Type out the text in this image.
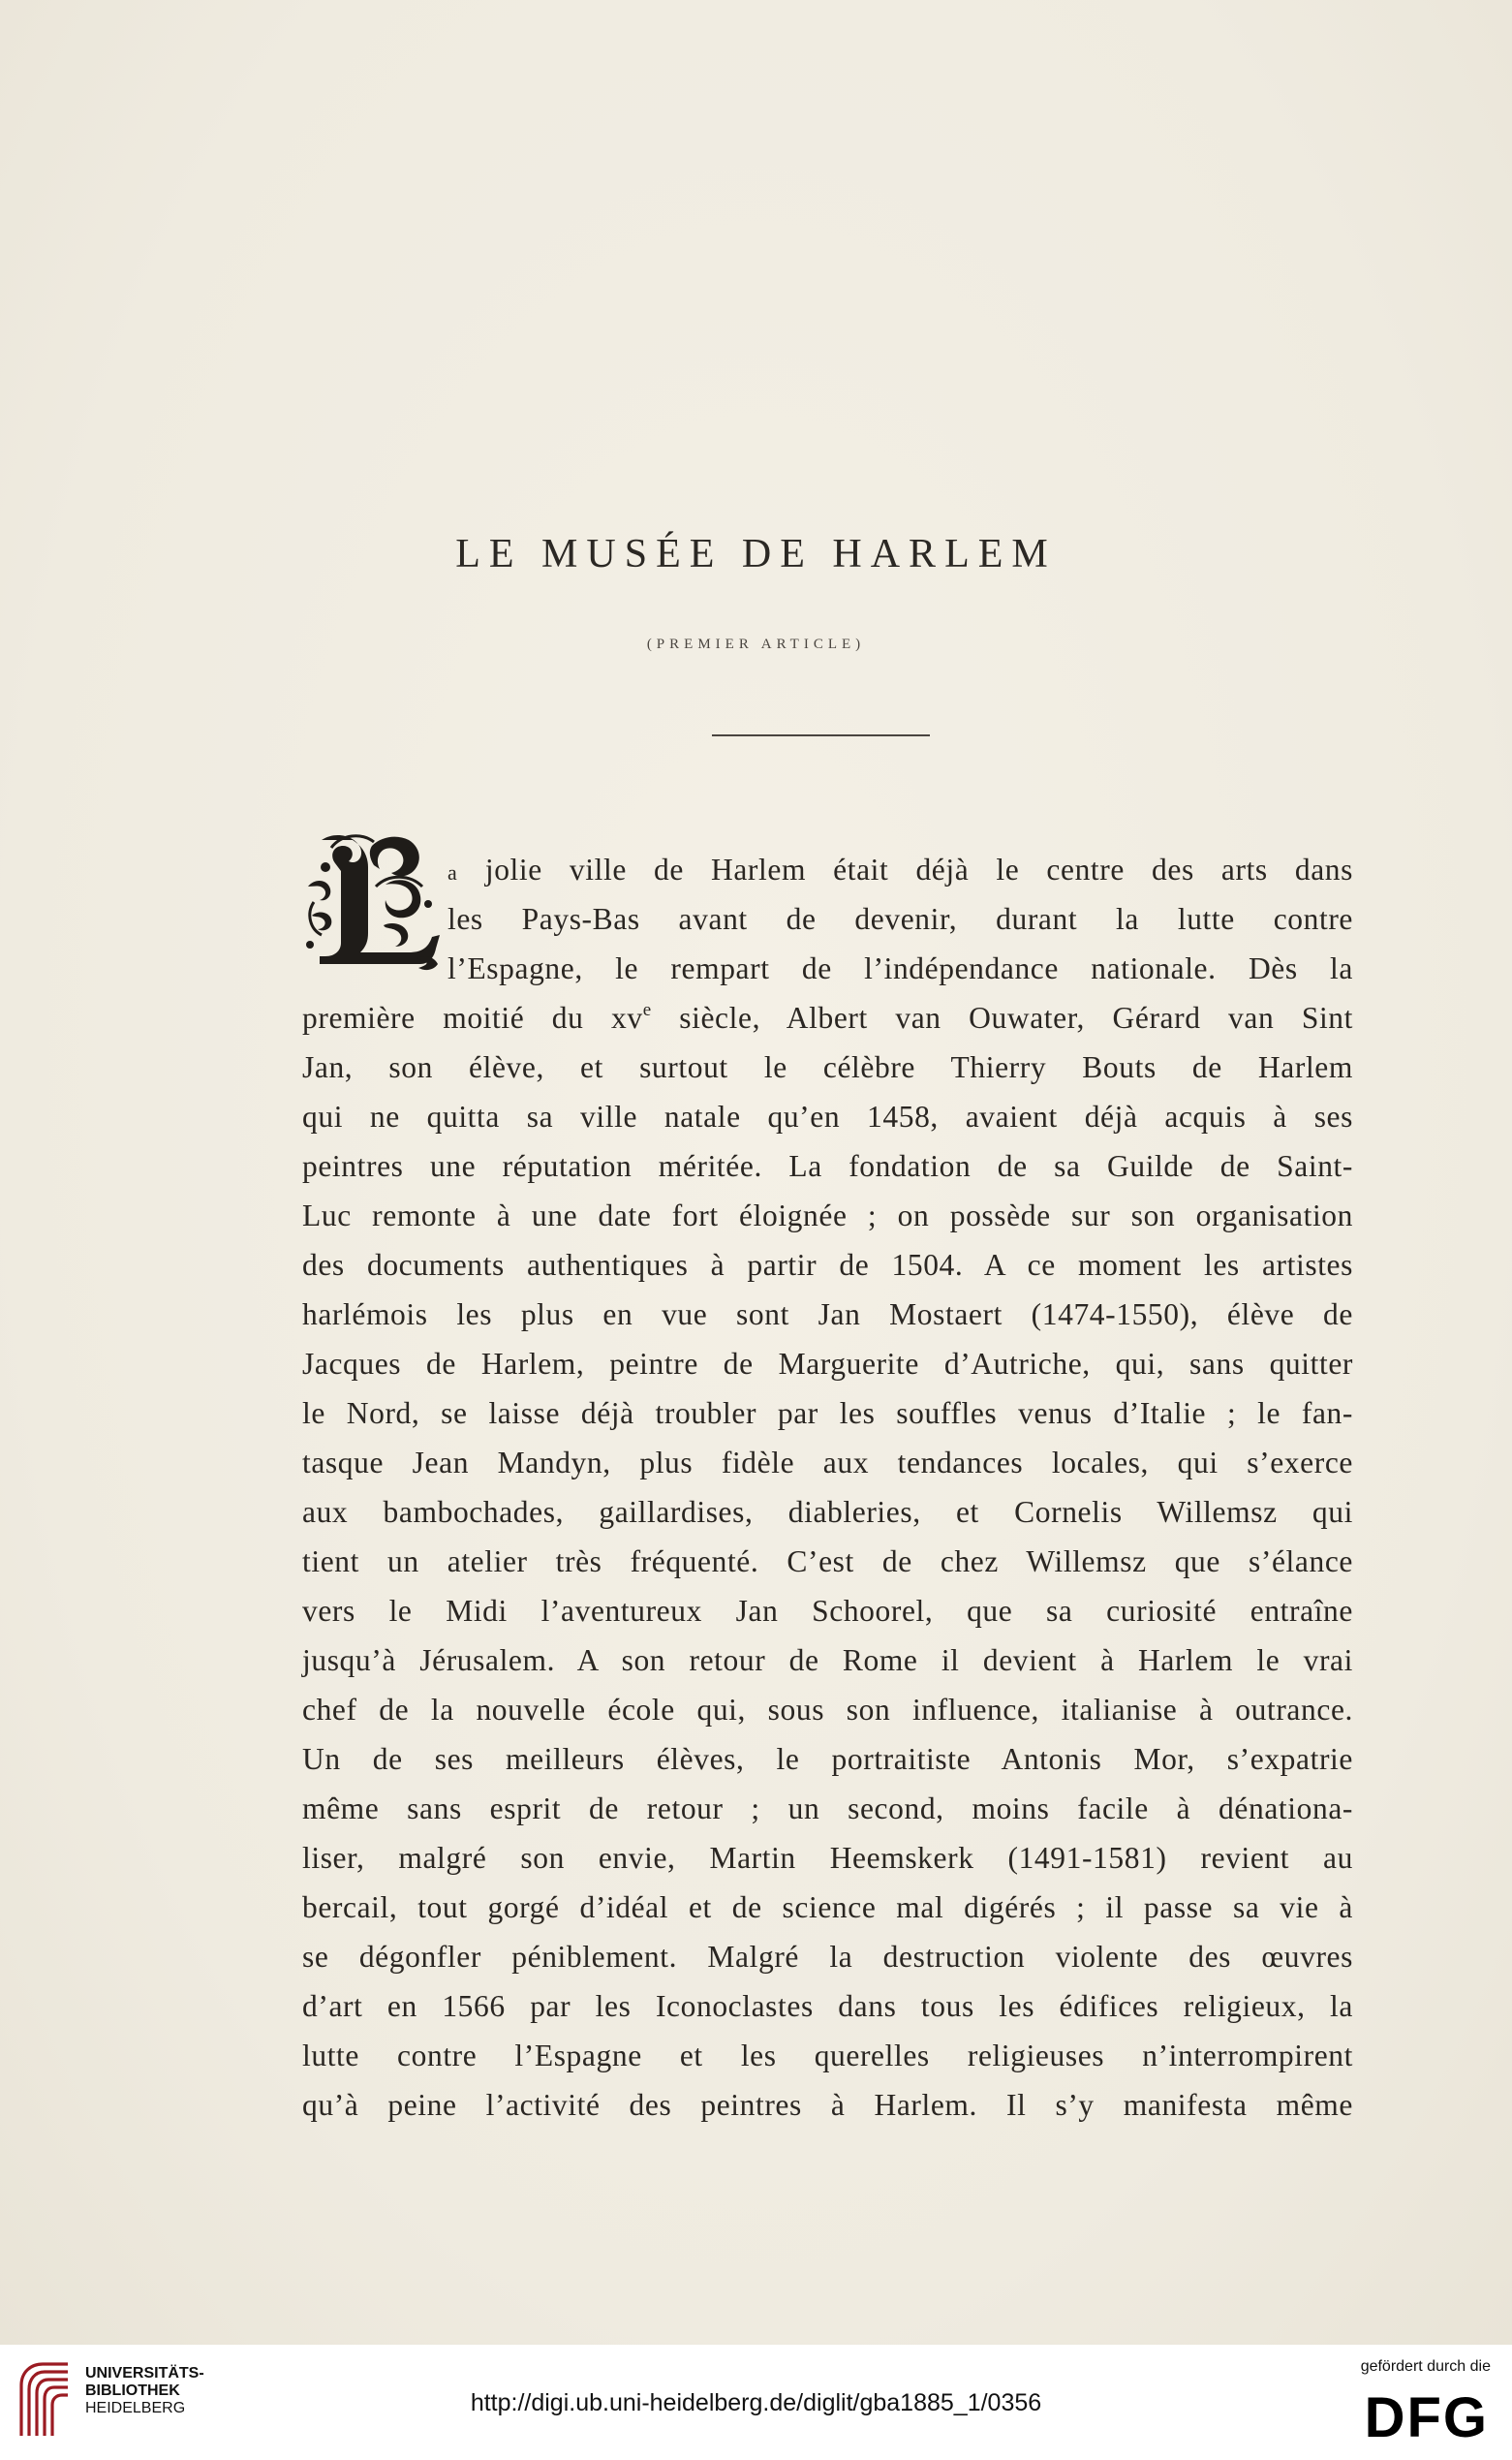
LE MUSÉE DE HARLEM
(PREMIER ARTICLE)
a jolie ville de Harlem était déjà le centre des arts dans
les Pays-Bas avant de devenir, durant la lutte contre
l’Espagne, le rempart de l’indépendance nationale. Dès la
première moitié du $xv^e$ siècle, Albert van Ouwater, Gérard van Sint
Jan, son élève, et surtout le célèbre Thierry Bouts de Harlem
qui ne quitta sa ville natale qu’en 1458, avaient déjà acquis à ses
peintres une réputation méritée. La fondation de sa Guilde de Saint-
Luc remonte à une date fort éloignée ; on possède sur son organisation
des documents authentiques à partir de 1504. A ce moment les artistes
harlémois les plus en vue sont Jan Mostaert (1474-1550), élève de
Jacques de Harlem, peintre de Marguerite d’Autriche, qui, sans quitter
le Nord, se laisse déjà troubler par les souffles venus d’Italie ; le fan-
tasque Jean Mandyn, plus fidèle aux tendances locales, qui s’exerce
aux bambochades, gaillardises, diableries, et Cornelis Willemsz qui
tient un atelier très fréquenté. C’est de chez Willemsz que s’élance
vers le Midi l’aventureux Jan Schoorel, que sa curiosité entraîne
jusqu’à Jérusalem. A son retour de Rome il devient à Harlem le vrai
chef de la nouvelle école qui, sous son influence, italianise à outrance.
Un de ses meilleurs élèves, le portraitiste Antonis Mor, s’expatrie
même sans esprit de retour ; un second, moins facile à dénationa-
liser, malgré son envie, Martin Heemskerk (1491-1581) revient au
bercail, tout gorgé d’idéal et de science mal digérés ; il passe sa vie à
se dégonfler péniblement. Malgré la destruction violente des œuvres
d’art en 1566 par les Iconoclastes dans tous les édifices religieux, la
lutte contre l’Espagne et les querelles religieuses n’interrompirent
qu’à peine l’activité des peintres à Harlem. Il s’y manifesta même
UNIVERSITÄTS-
BIBLIOTHEK
HEIDELBERG	http://digi.ub.uni-heidelberg.de/diglit/gba1885_1/0356
gefördert durch die
DFG
